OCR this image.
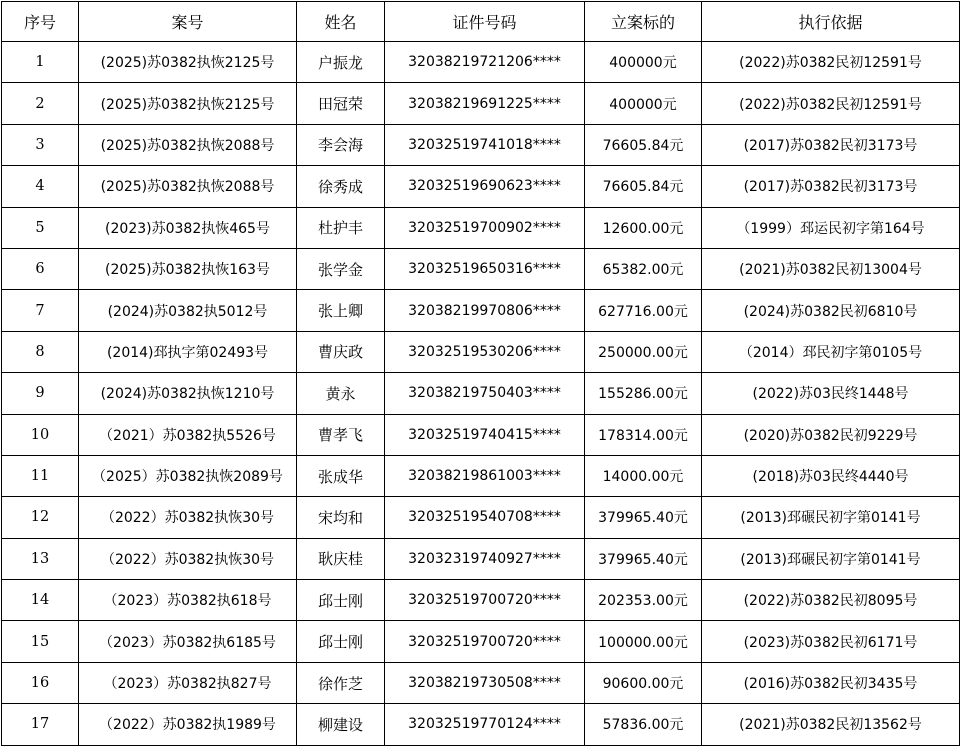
序号	案号	姓名	证件号码	立案标的	执行依据
1	(2025)苏0382执恢2125号	户振龙	32038219721206****	400000元	(2022)苏0382民初12591号
2	(2025)苏0382执恢2125号	田冠荣	32038219691225****	400000元	(2022)苏0382民初12591号
3	(2025)苏0382执恢2088号	李会海	32032519741018****	76605.84元	(2017)苏0382民初3173号
4	(2025)苏0382执恢2088号	徐秀成	32032519690623****	76605.84元	(2017)苏0382民初3173号
5	(2023)苏0382执恢465号	杜护丰	32032519700902****	12600.00元	（1999）邳运民初字第164号
6	(2025)苏0382执恢163号	张学金	32032519650316****	65382.00元	(2021)苏0382民初13004号
7	(2024)苏0382执5012号	张上卿	32038219970806****	627716.00元	(2024)苏0382民初6810号
8	(2014)邳执字第02493号	曹庆政	32032519530206****	250000.00元	（2014）邳民初字第0105号
9	(2024)苏0382执恢1210号	黄永	32038219750403****	155286.00元	(2022)苏03民终1448号
10	（2021）苏0382执5526号	曹孝飞	32032519740415****	178314.00元	(2020)苏0382民初9229号
11	（2025）苏0382执恢2089号	张成华	32038219861003****	14000.00元	(2018)苏03民终4440号
12	（2022）苏0382执恢30号	宋均和	32032519540708****	379965.40元	(2013)邳碾民初字第0141号
13	（2022）苏0382执恢30号	耿庆桂	32032319740927****	379965.40元	(2013)邳碾民初字第0141号
14	（2023）苏0382执618号	邱士刚	32032519700720****	202353.00元	(2022)苏0382民初8095号
15	（2023）苏0382执6185号	邱士刚	32032519700720****	100000.00元	(2023)苏0382民初6171号
16	（2023）苏0382执827号	徐作芝	32038219730508****	90600.00元	(2016)苏0382民初3435号
17	（2022）苏0382执1989号	柳建设	32032519770124****	57836.00元	(2021)苏0382民初13562号
